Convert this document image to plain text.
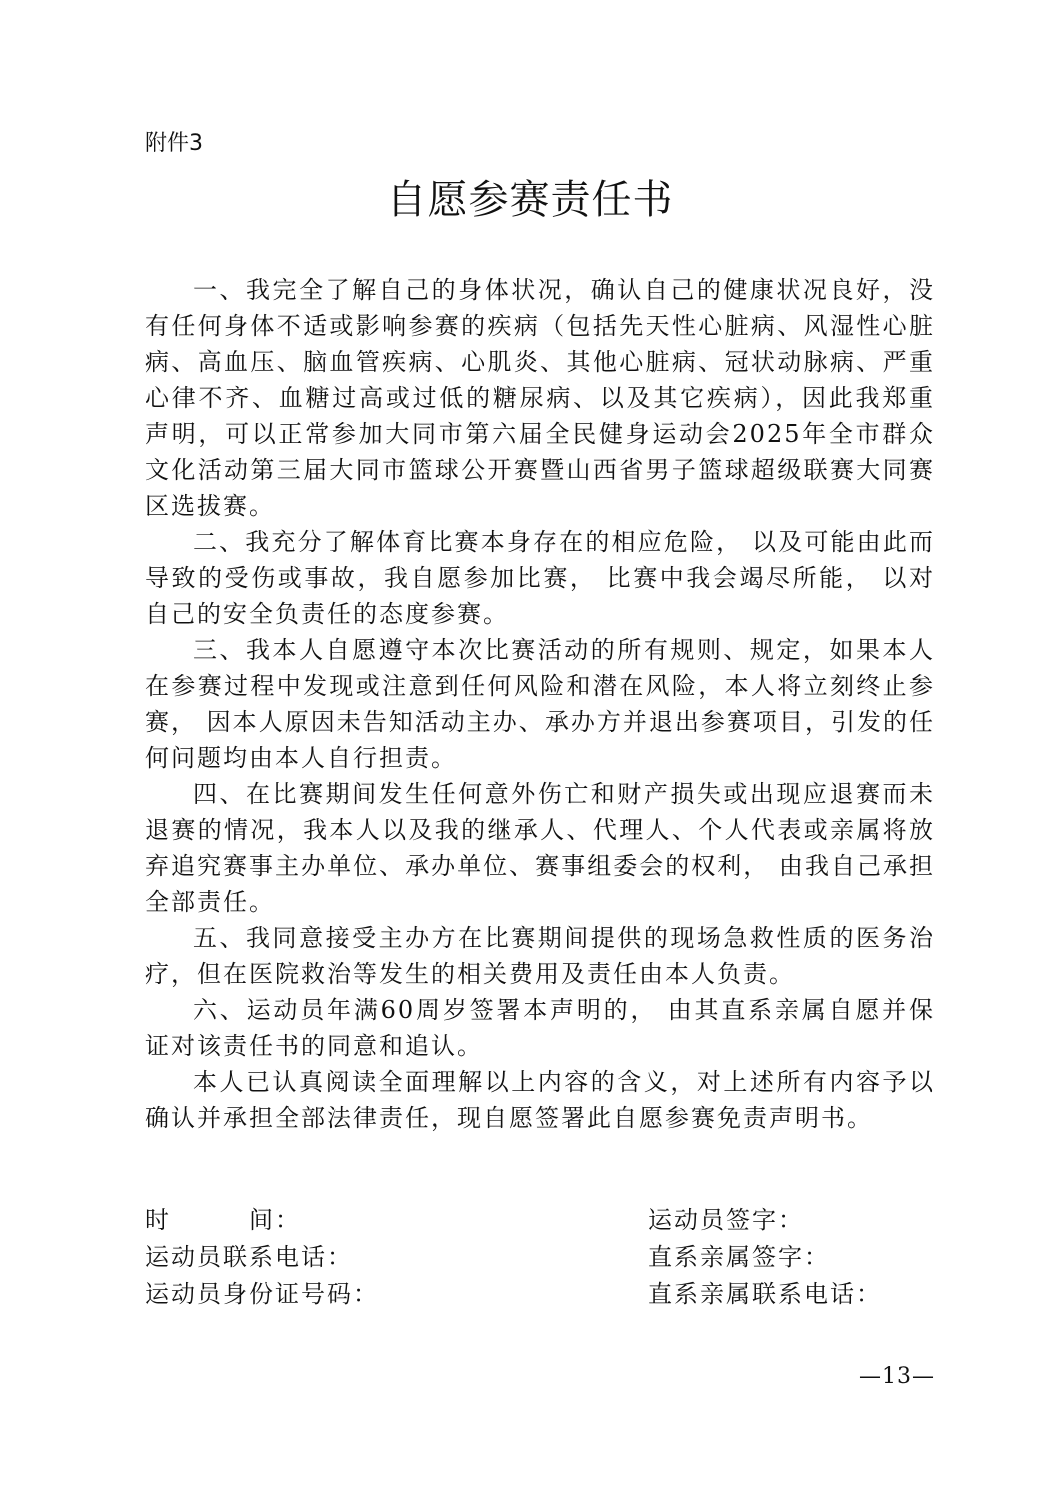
附件3
自愿参赛责任书

一、我完全了解自己的身体状况，确认自己的健康状况良好，没有任何身体不适或影响参赛的疾病（包括先天性心脏病、风湿性心脏病、高血压、脑血管疾病、心肌炎、其他心脏病、冠状动脉病、严重心律不齐、血糖过高或过低的糖尿病、以及其它疾病），因此我郑重声明，可以正常参加大同市第六届全民健身运动会2025年全市群众文化活动第三届大同市篮球公开赛暨山西省男子篮球超级联赛大同赛区选拔赛。

二、我充分了解体育比赛本身存在的相应危险， 以及可能由此而导致的受伤或事故，我自愿参加比赛， 比赛中我会竭尽所能， 以对自己的安全负责任的态度参赛。

三、我本人自愿遵守本次比赛活动的所有规则、规定，如果本人在参赛过程中发现或注意到任何风险和潜在风险，本人将立刻终止参赛， 因本人原因未告知活动主办、承办方并退出参赛项目，引发的任何问题均由本人自行担责。

四、在比赛期间发生任何意外伤亡和财产损失或出现应退赛而未退赛的情况，我本人以及我的继承人、代理人、个人代表或亲属将放弃追究赛事主办单位、承办单位、赛事组委会的权利， 由我自己承担全部责任。

五、我同意接受主办方在比赛期间提供的现场急救性质的医务治疗，但在医院救治等发生的相关费用及责任由本人负责。

六、运动员年满60周岁签署本声明的， 由其直系亲属自愿并保证对该责任书的同意和追认。

本人已认真阅读全面理解以上内容的含义，对上述所有内容予以确认并承担全部法律责任，现自愿签署此自愿参赛免责声明书。

时　　　间：	运动员签字：
运动员联系电话：	直系亲属签字：
运动员身份证号码：	直系亲属联系电话：
—13—
